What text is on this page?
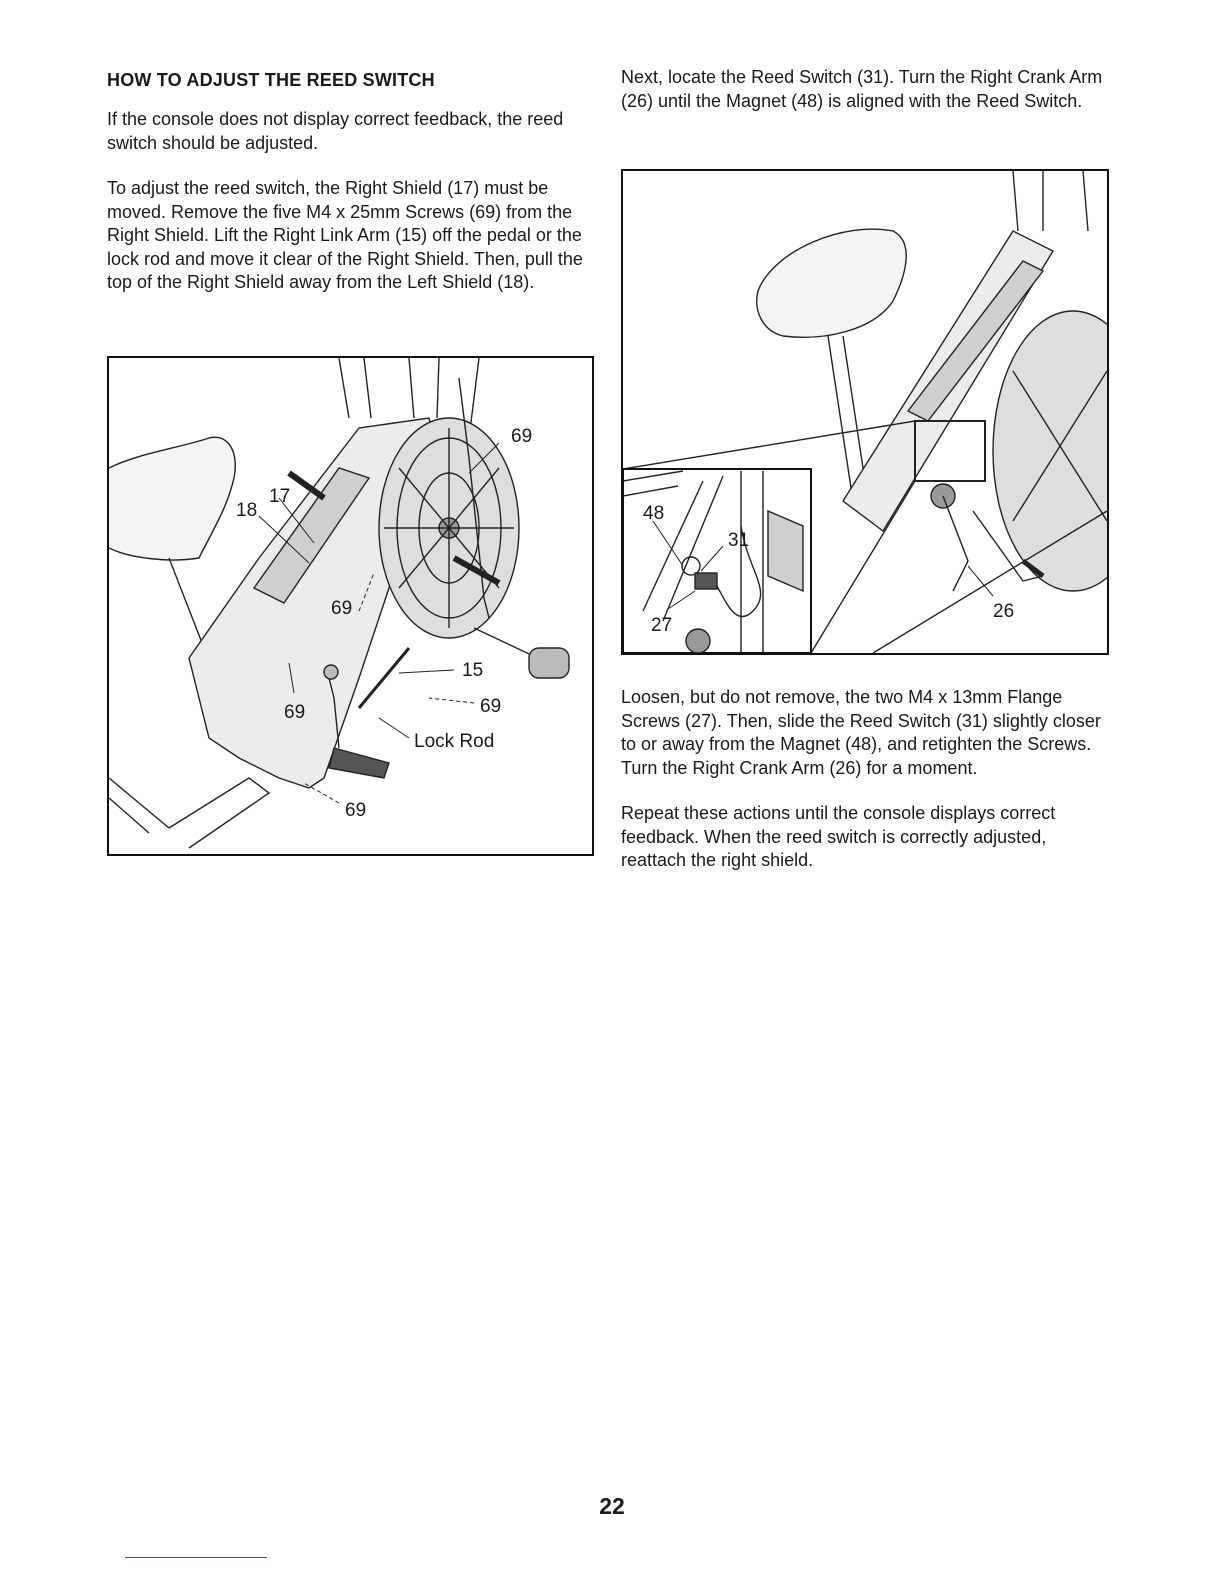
HOW TO ADJUST THE REED SWITCH

If the console does not display correct feedback, the reed switch should be adjusted.

To adjust the reed switch, the Right Shield (17) must be moved. Remove the five M4 x 25mm Screws (69) from the Right Shield. Lift the Right Link Arm (15) off the pedal or the lock rod and move it clear of the Right Shield. Then, pull the top of the Right Shield away from the Left Shield (18).

Next, locate the Reed Switch (31). Turn the Right Crank Arm (26) until the Magnet (48) is aligned with the Reed Switch.

69
18
17
69
15
69	69
Lock Rod
69
48
31
27
26

Loosen, but do not remove, the two M4 x 13mm Flange Screws (27). Then, slide the Reed Switch (31) slightly closer to or away from the Magnet (48), and retighten the Screws. Turn the Right Crank Arm (26) for a moment.

Repeat these actions until the console displays correct feedback. When the reed switch is correctly adjusted, reattach the right shield.

22
